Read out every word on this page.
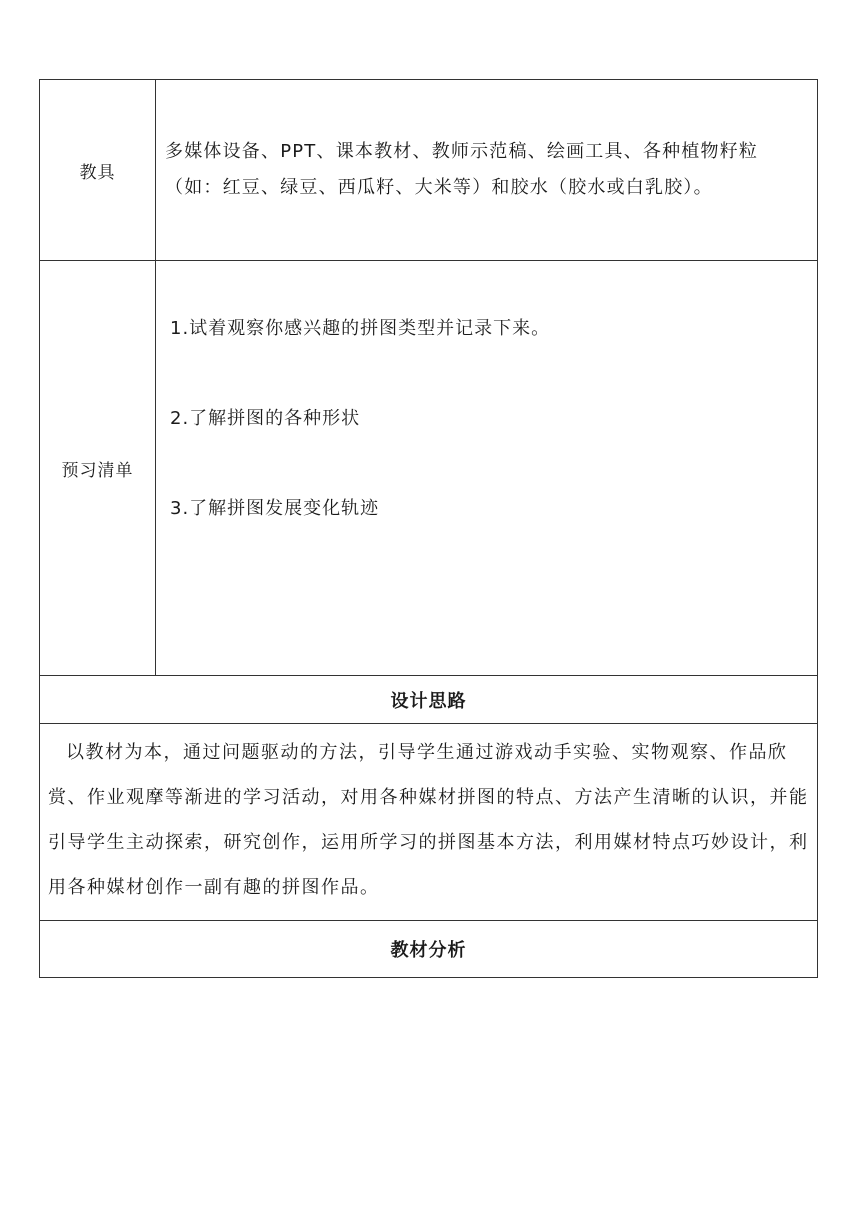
教具	多媒体设备、PPT、课本教材、教师示范稿、绘画工具、各种植物籽粒（如：红豆、绿豆、西瓜籽、大米等）和胶水（胶水或白乳胶）。
预习清单	1.试着观察你感兴趣的拼图类型并记录下来。
2.了解拼图的各种形状
3.了解拼图发展变化轨迹

设计思路	
以教材为本，通过问题驱动的方法，引导学生通过游戏动手实验、实物观察、作品欣赏、作业观摩等渐进的学习活动，对用各种媒材拼图的特点、方法产生清晰的认识，并能引导学生主动探索，研究创作，运用所学习的拼图基本方法，利用媒材特点巧妙设计，利用各种媒材创作一副有趣的拼图作品。	
教材分析	
